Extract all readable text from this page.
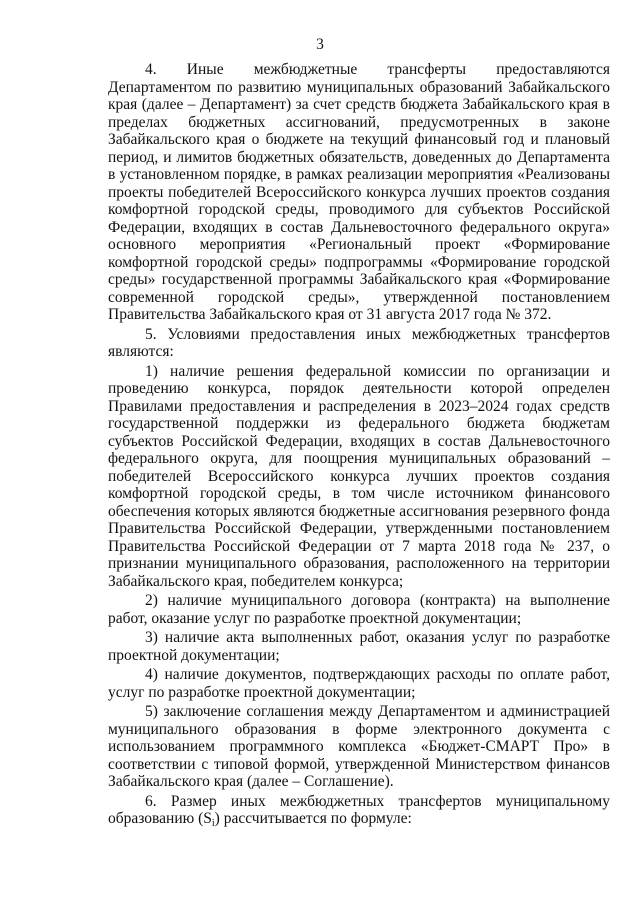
3

4. Иные межбюджетные трансферты предоставляются Департаментом по развитию муниципальных образований Забайкальского края (далее – Департамент) за счет средств бюджета Забайкальского края в пределах бюджетных ассигнований, предусмотренных в законе Забайкальского края о бюджете на текущий финансовый год и плановый период, и лимитов бюджетных обязательств, доведенных до Департамента в установленном порядке, в рамках реализации мероприятия «Реализованы проекты победителей Всероссийского конкурса лучших проектов создания комфортной городской среды, проводимого для субъектов Российской Федерации, входящих в состав Дальневосточного федерального округа» основного мероприятия «Региональный проект «Формирование комфортной городской среды» подпрограммы «Формирование городской среды» государственной программы Забайкальского края «Формирование современной городской среды», утвержденной постановлением Правительства Забайкальского края от 31 августа 2017 года № 372.

5. Условиями предоставления иных межбюджетных трансфертов являются:

1) наличие решения федеральной комиссии по организации и проведению конкурса, порядок деятельности которой определен Правилами предоставления и распределения в 2023–2024 годах средств государственной поддержки из федерального бюджета бюджетам субъектов Российской Федерации, входящих в состав Дальневосточного федерального округа, для поощрения муниципальных образований – победителей Всероссийского конкурса лучших проектов создания комфортной городской среды, в том числе источником финансового обеспечения которых являются бюджетные ассигнования резервного фонда Правительства Российской Федерации, утвержденными постановлением Правительства Российской Федерации от 7 марта 2018 года № 237, о признании муниципального образования, расположенного на территории Забайкальского края, победителем конкурса;

2) наличие муниципального договора (контракта) на выполнение работ, оказание услуг по разработке проектной документации;

3) наличие акта выполненных работ, оказания услуг по разработке проектной документации;

4) наличие документов, подтверждающих расходы по оплате работ, услуг по разработке проектной документации;

5) заключение соглашения между Департаментом и администрацией муниципального образования в форме электронного документа с использованием программного комплекса «Бюджет-СМАРТ Про» в соответствии с типовой формой, утвержденной Министерством финансов Забайкальского края (далее – Соглашение).

6. Размер иных межбюджетных трансфертов муниципальному образованию $(S_i)$ рассчитывается по формуле:
